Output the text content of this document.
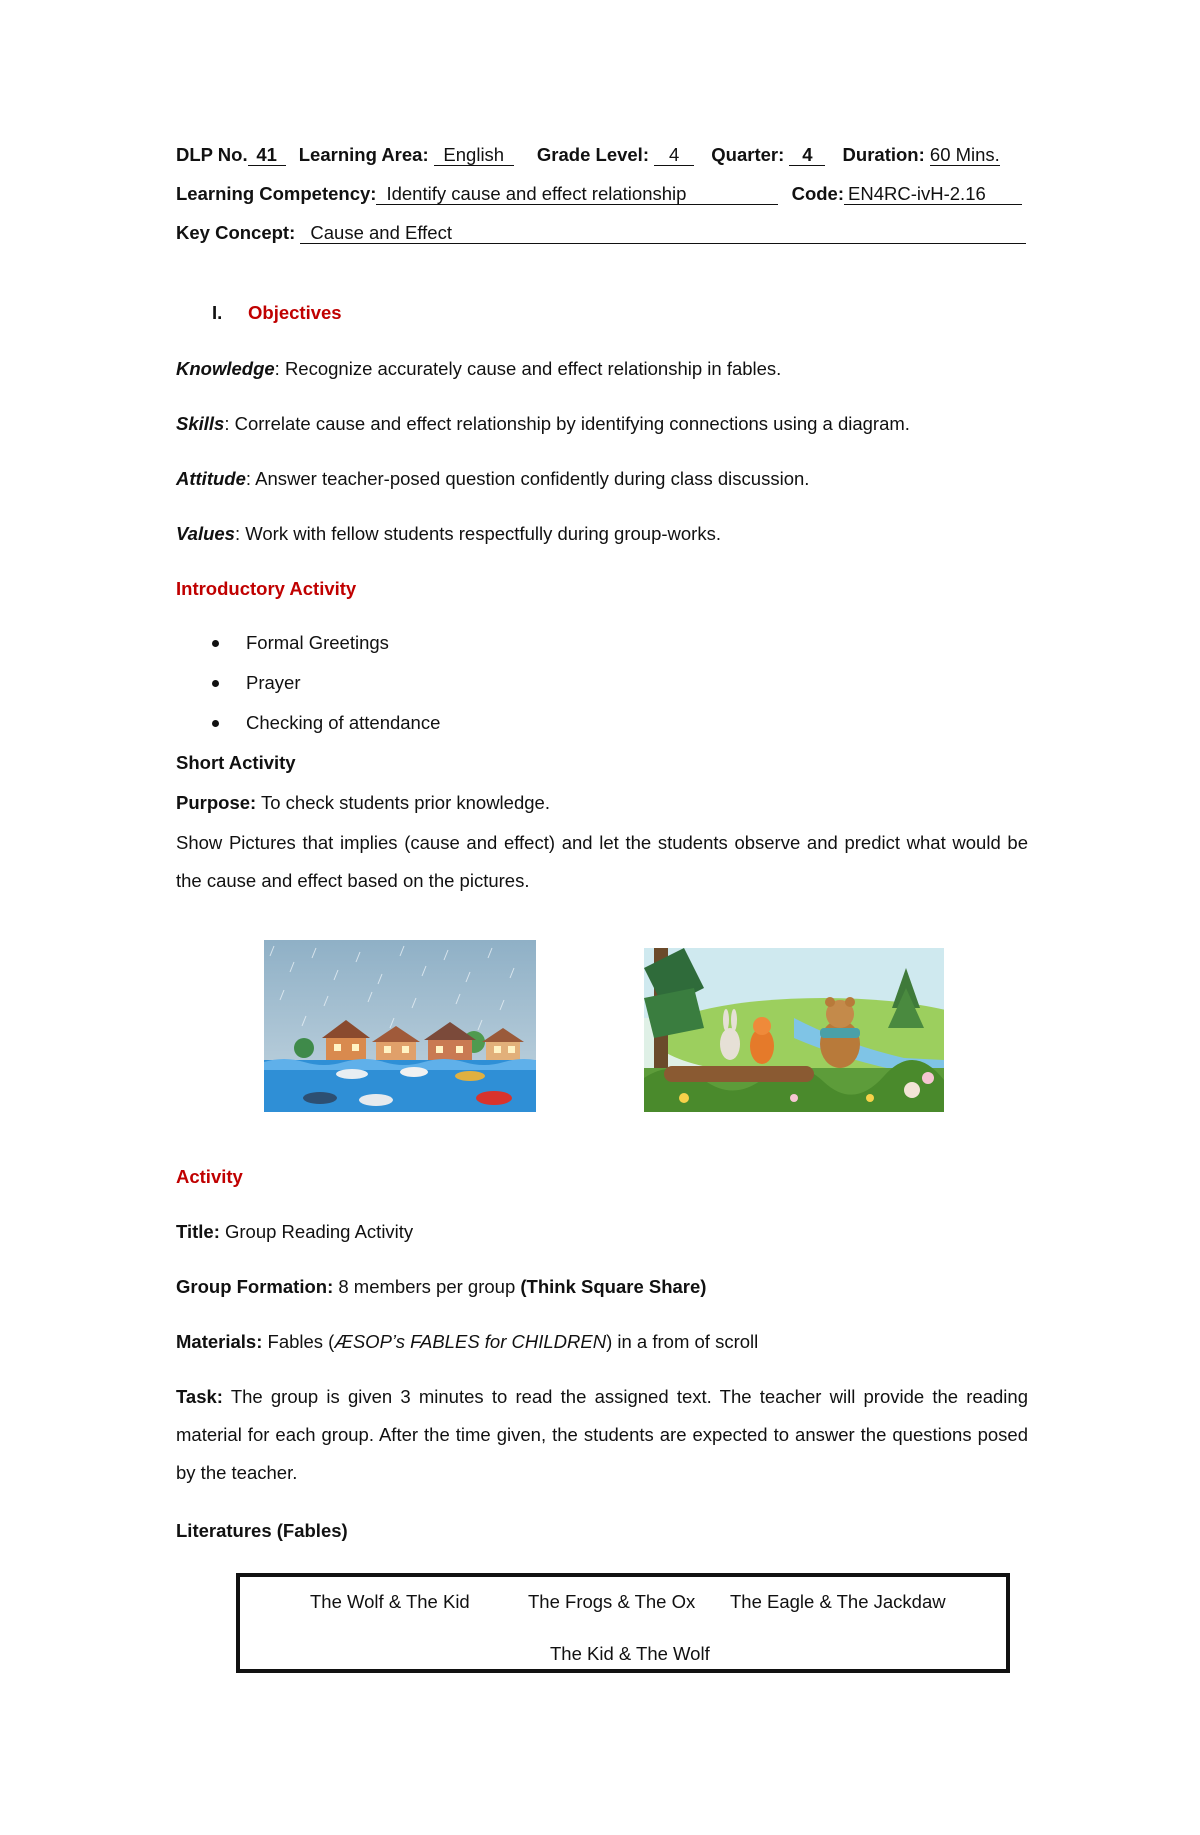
DLP No. 41 Learning Area: English Grade Level: 4 Quarter: 4 Duration: 60 Mins.
Learning Competency: Identify cause and effect relationship	Code: EN4RC-ivH-2.16
Key Concept: Cause and Effect
I. Objectives
Knowledge: Recognize accurately cause and effect relationship in fables.
Skills: Correlate cause and effect relationship by identifying connections using a diagram.
Attitude: Answer teacher-posed question confidently during class discussion.
Values: Work with fellow students respectfully during group-works.
Introductory Activity
Formal Greetings
Prayer
Checking of attendance
Short Activity
Purpose: To check students prior knowledge.
Show Pictures that implies (cause and effect) and let the students observe and predict what would be the cause and effect based on the pictures.
Activity
Title: Group Reading Activity
Group Formation: 8 members per group (Think Square Share)
Materials: Fables (ÆSOP’s FABLES for CHILDREN) in a from of scroll
Task: The group is given 3 minutes to read the assigned text. The teacher will provide the reading material for each group. After the time given, the students are expected to answer the questions posed by the teacher.
Literatures (Fables)
The Wolf & The Kid	The Frogs & The Ox The Eagle & The Jackdaw
The Kid & The Wolf
